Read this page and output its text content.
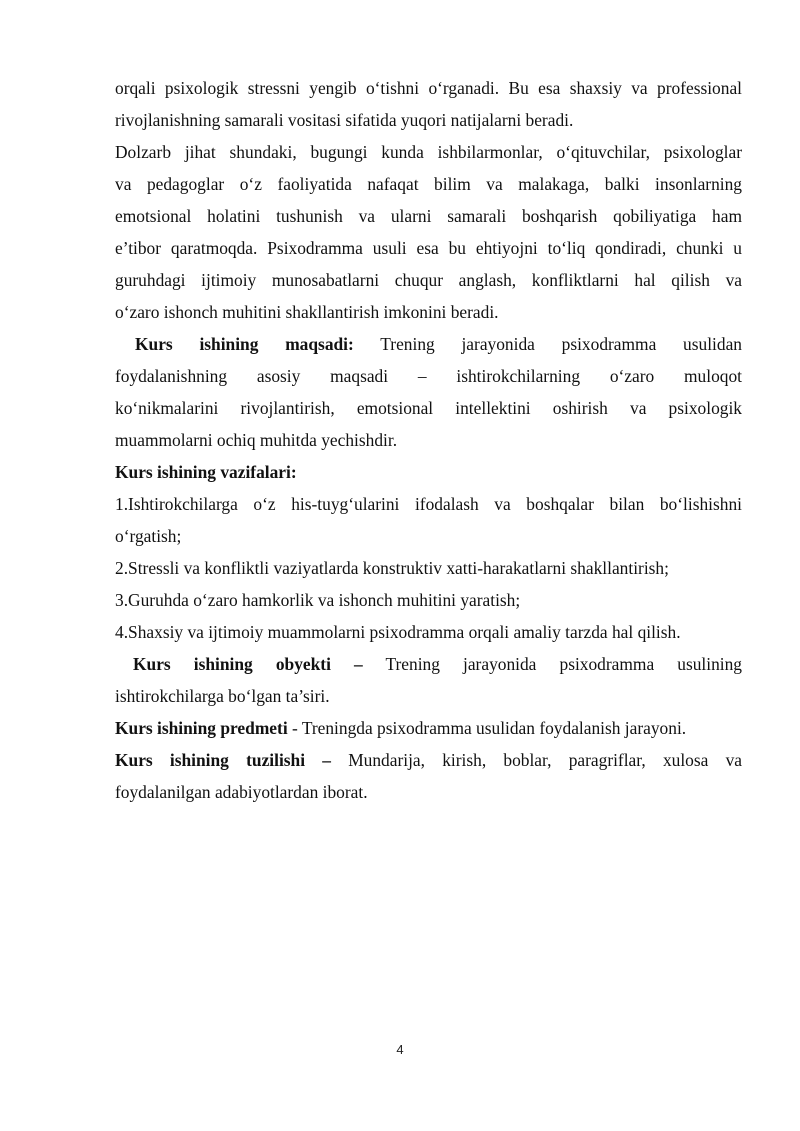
orqali psixologik stressni yengib o‘tishni o‘rganadi. Bu esa shaxsiy va professional
rivojlanishning samarali vositasi sifatida yuqori natijalarni beradi.
Dolzarb jihat shundaki, bugungi kunda ishbilarmonlar, o‘qituvchilar, psixologlar
va pedagoglar o‘z faoliyatida nafaqat bilim va malakaga, balki insonlarning
emotsional holatini tushunish va ularni samarali boshqarish qobiliyatiga ham
e’tibor qaratmoqda. Psixodramma usuli esa bu ehtiyojni to‘liq qondiradi, chunki u
guruhdagi ijtimoiy munosabatlarni chuqur anglash, konfliktlarni hal qilish va
o‘zaro ishonch muhitini shakllantirish imkonini beradi.
Kurs ishining maqsadi: Trening jarayonida psixodramma usulidan
foydalanishning asosiy maqsadi – ishtirokchilarning o‘zaro muloqot
ko‘nikmalarini rivojlantirish, emotsional intellektini oshirish va psixologik
muammolarni ochiq muhitda yechishdir.
Kurs ishining vazifalari:
1.Ishtirokchilarga o‘z his-tuyg‘ularini ifodalash va boshqalar bilan bo‘lishishni
o‘rgatish;
2.Stressli va konfliktli vaziyatlarda konstruktiv xatti-harakatlarni shakllantirish;
3.Guruhda o‘zaro hamkorlik va ishonch muhitini yaratish;
4.Shaxsiy va ijtimoiy muammolarni psixodramma orqali amaliy tarzda hal qilish.
Kurs ishining obyekti – Trening jarayonida psixodramma usulining
ishtirokchilarga bo‘lgan ta’siri.
Kurs ishining predmeti - Treningda psixodramma usulidan foydalanish jarayoni.
Kurs ishining tuzilishi – Mundarija, kirish, boblar, paragriflar, xulosa va
foydalanilgan adabiyotlardan iborat.
4
